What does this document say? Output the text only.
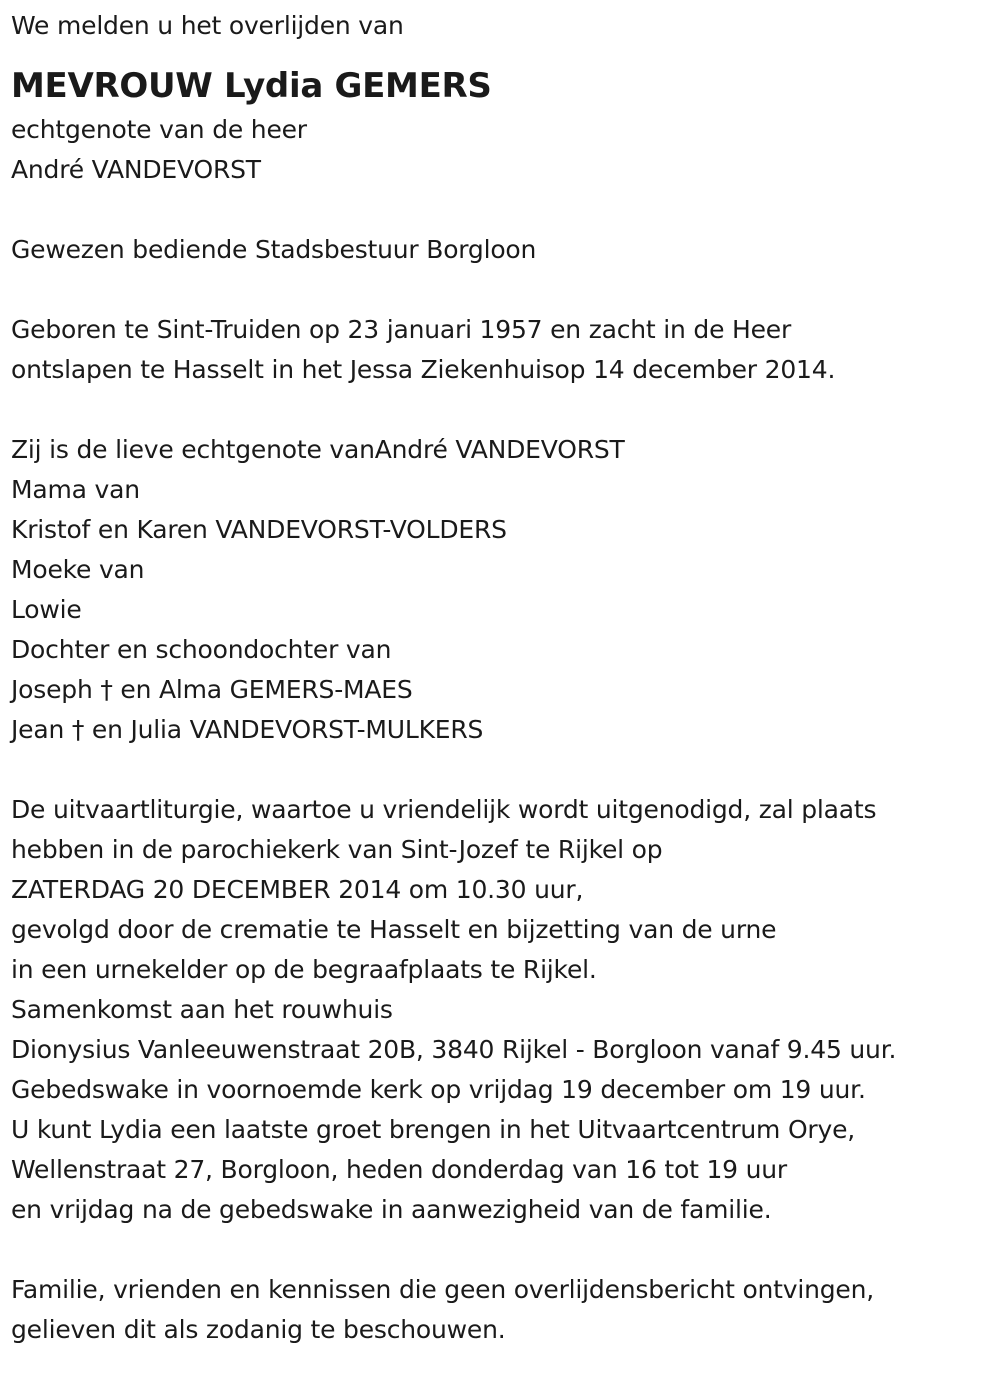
We melden u het overlijden van
MEVROUW Lydia GEMERS
echtgenote van de heer
André VANDEVORST
Gewezen bediende Stadsbestuur Borgloon
Geboren te Sint-Truiden op 23 januari 1957 en zacht in de Heer
ontslapen te Hasselt in het Jessa Ziekenhuisop 14 december 2014.
Zij is de lieve echtgenote vanAndré VANDEVORST
Mama van
Kristof en Karen VANDEVORST-VOLDERS
Moeke van
Lowie
Dochter en schoondochter van
Joseph † en Alma GEMERS-MAES
Jean † en Julia VANDEVORST-MULKERS
De uitvaartliturgie, waartoe u vriendelijk wordt uitgenodigd, zal plaats
hebben in de parochiekerk van Sint-Jozef te Rijkel op
ZATERDAG 20 DECEMBER 2014 om 10.30 uur,
gevolgd door de crematie te Hasselt en bijzetting van de urne
in een urnekelder op de begraafplaats te Rijkel.
Samenkomst aan het rouwhuis
Dionysius Vanleeuwenstraat 20B, 3840 Rijkel - Borgloon vanaf 9.45 uur.
Gebedswake in voornoemde kerk op vrijdag 19 december om 19 uur.
U kunt Lydia een laatste groet brengen in het Uitvaartcentrum Orye,
Wellenstraat 27, Borgloon, heden donderdag van 16 tot 19 uur
en vrijdag na de gebedswake in aanwezigheid van de familie.
Familie, vrienden en kennissen die geen overlijdensbericht ontvingen,
gelieven dit als zodanig te beschouwen.
